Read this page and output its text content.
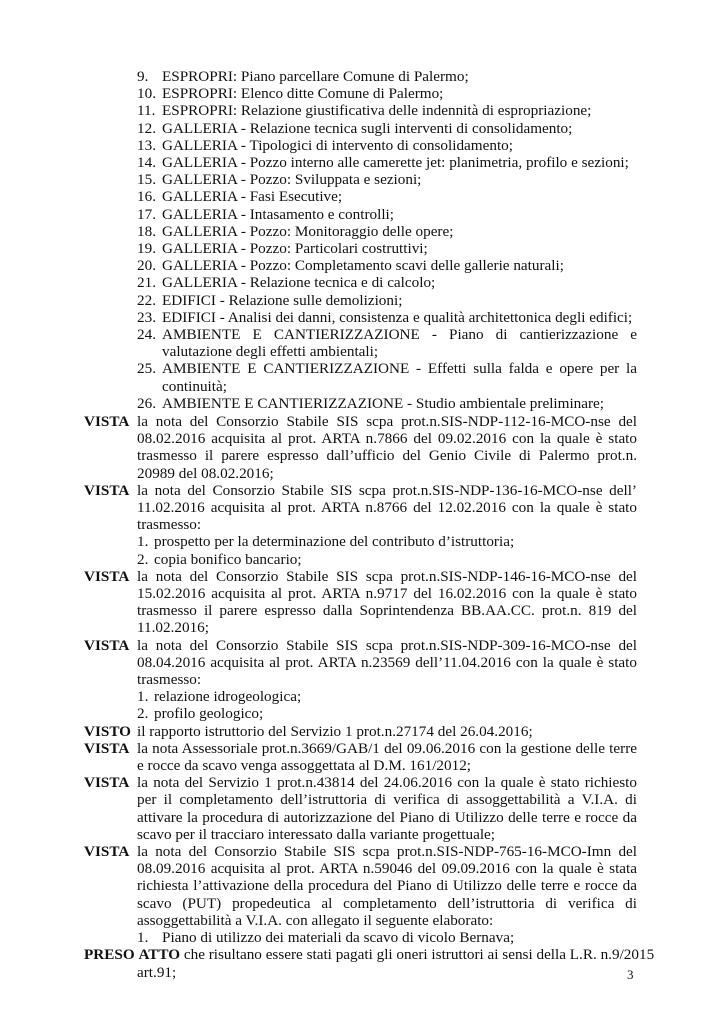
9. ESPROPRI: Piano parcellare Comune di Palermo;
10. ESPROPRI: Elenco ditte Comune di Palermo;
11. ESPROPRI: Relazione giustificativa delle indennità di espropriazione;
12. GALLERIA - Relazione tecnica sugli interventi di consolidamento;
13. GALLERIA - Tipologici di intervento di consolidamento;
14. GALLERIA - Pozzo interno alle camerette jet: planimetria, profilo e sezioni;
15. GALLERIA - Pozzo: Sviluppata e sezioni;
16. GALLERIA - Fasi Esecutive;
17. GALLERIA - Intasamento e controlli;
18. GALLERIA - Pozzo: Monitoraggio delle opere;
19. GALLERIA - Pozzo: Particolari costruttivi;
20. GALLERIA - Pozzo: Completamento scavi delle gallerie naturali;
21. GALLERIA - Relazione tecnica e di calcolo;
22. EDIFICI - Relazione sulle demolizioni;
23. EDIFICI - Analisi dei danni, consistenza e qualità architettonica degli edifici;
24. AMBIENTE E CANTIERIZZAZIONE - Piano di cantierizzazione e valutazione degli effetti ambientali;
25. AMBIENTE E CANTIERIZZAZIONE - Effetti sulla falda e opere per la continuità;
26. AMBIENTE E CANTIERIZZAZIONE - Studio ambientale preliminare;
VISTA la nota del Consorzio Stabile SIS scpa prot.n.SIS-NDP-112-16-MCO-nse del 08.02.2016 acquisita al prot. ARTA n.7866 del 09.02.2016 con la quale è stato trasmesso il parere espresso dall’ufficio del Genio Civile di Palermo prot.n. 20989 del 08.02.2016;
VISTA la nota del Consorzio Stabile SIS scpa prot.n.SIS-NDP-136-16-MCO-nse dell’ 11.02.2016 acquisita al prot. ARTA n.8766 del 12.02.2016 con la quale è stato trasmesso:
1. prospetto per la determinazione del contributo d’istruttoria;
2. copia bonifico bancario;
VISTA la nota del Consorzio Stabile SIS scpa prot.n.SIS-NDP-146-16-MCO-nse del 15.02.2016 acquisita al prot. ARTA n.9717 del 16.02.2016 con la quale è stato trasmesso il parere espresso dalla Soprintendenza BB.AA.CC. prot.n. 819 del 11.02.2016;
VISTA la nota del Consorzio Stabile SIS scpa prot.n.SIS-NDP-309-16-MCO-nse del 08.04.2016 acquisita al prot. ARTA n.23569 dell’11.04.2016 con la quale è stato trasmesso:
1. relazione idrogeologica;
2. profilo geologico;
VISTO il rapporto istruttorio del Servizio 1 prot.n.27174 del 26.04.2016;
VISTA la nota Assessoriale prot.n.3669/GAB/1 del 09.06.2016 con la gestione delle terre e rocce da scavo venga assoggettata al D.M. 161/2012;
VISTA la nota del Servizio 1 prot.n.43814 del 24.06.2016 con la quale è stato richiesto per il completamento dell’istruttoria di verifica di assoggettabilità a V.I.A. di attivare la procedura di autorizzazione del Piano di Utilizzo delle terre e rocce da scavo per il tracciaro interessato dalla variante progettuale;
VISTA la nota del Consorzio Stabile SIS scpa prot.n.SIS-NDP-765-16-MCO-Imn del 08.09.2016 acquisita al prot. ARTA n.59046 del 09.09.2016 con la quale è stata richiesta l’attivazione della procedura del Piano di Utilizzo delle terre e rocce da scavo (PUT) propedeutica al completamento dell’istruttoria di verifica di assoggettabilità a V.I.A. con allegato il seguente elaborato:
1. Piano di utilizzo dei materiali da scavo di vicolo Bernava;
PRESO ATTO che risultano essere stati pagati gli oneri istruttori ai sensi della L.R. n.9/2015
art.91;	3
